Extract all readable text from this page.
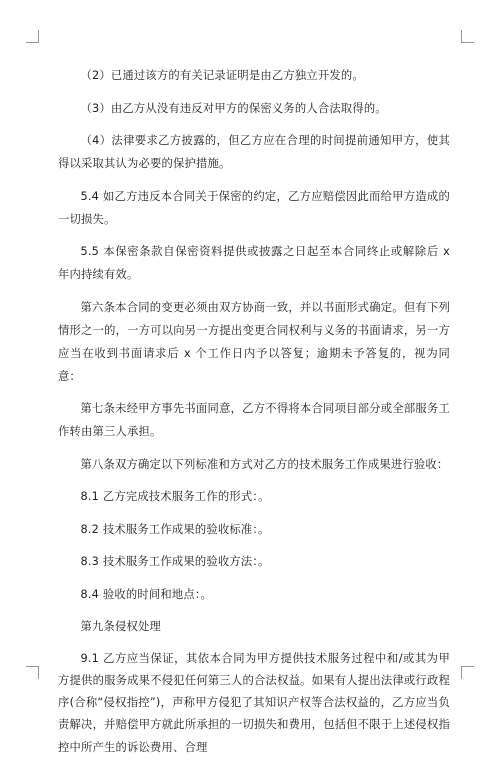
（2）已通过该方的有关记录证明是由乙方独立开发的。

（3）由乙方从没有违反对甲方的保密义务的人合法取得的。

（4）法律要求乙方披露的，但乙方应在合理的时间提前通知甲方，使其得以采取其认为必要的保护措施。

5.4 如乙方违反本合同关于保密的约定，乙方应赔偿因此而给甲方造成的一切损失。

5.5 本保密条款自保密资料提供或披露之日起至本合同终止或解除后 x 年内持续有效。

第六条本合同的变更必须由双方协商一致，并以书面形式确定。但有下列情形之一的，一方可以向另一方提出变更合同权利与义务的书面请求，另一方应当在收到书面请求后 x 个工作日内予以答复；逾期未予答复的，视为同意：

第七条未经甲方事先书面同意，乙方不得将本合同项目部分或全部服务工作转由第三人承担。

第八条双方确定以下列标准和方式对乙方的技术服务工作成果进行验收：

8.1 乙方完成技术服务工作的形式：。

8.2 技术服务工作成果的验收标准：。

8.3 技术服务工作成果的验收方法：。

8.4 验收的时间和地点：。

第九条侵权处理

9.1 乙方应当保证，其依本合同为甲方提供技术服务过程中和/或其为甲方提供的服务成果不侵犯任何第三人的合法权益。如果有人提出法律或行政程序(合称“侵权指控”)，声称甲方侵犯了其知识产权等合法权益的，乙方应当负责解决，并赔偿甲方就此所承担的一切损失和费用，包括但不限于上述侵权指控中所产生的诉讼费用、合理
